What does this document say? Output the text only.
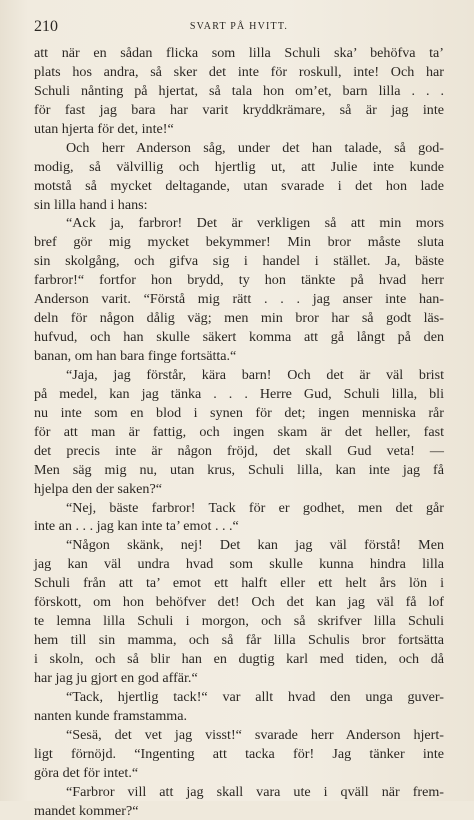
210	SVART PÅ HVITT.
att när en sådan flicka som lilla Schuli ska’ behöfva ta’
plats hos andra, så sker det inte för roskull, inte! Och har
Schuli nånting på hjertat, så tala hon om’et, barn lilla . . .
för fast jag bara har varit kryddkrämare, så är jag inte
utan hjerta för det, inte!“
Och herr Anderson såg, under det han talade, så god-
modig, så välvillig och hjertlig ut, att Julie inte kunde
motstå så mycket deltagande, utan svarade i det hon lade
sin lilla hand i hans:
“Ack ja, farbror! Det är verkligen så att min mors
bref gör mig mycket bekymmer! Min bror måste sluta
sin skolgång, och gifva sig i handel i stället. Ja, bäste
farbror!“ fortfor hon brydd, ty hon tänkte på hvad herr
Anderson varit. “Förstå mig rätt . . . jag anser inte han-
deln för någon dålig väg; men min bror har så godt läs-
hufvud, och han skulle säkert komma att gå långt på den
banan, om han bara finge fortsätta.“
“Jaja, jag förstår, kära barn! Och det är väl brist
på medel, kan jag tänka . . . Herre Gud, Schuli lilla, bli
nu inte som en blod i synen för det; ingen menniska rår
för att man är fattig, och ingen skam är det heller, fast
det precis inte är någon fröjd, det skall Gud veta! —
Men säg mig nu, utan krus, Schuli lilla, kan inte jag få
hjelpa den der saken?“
“Nej, bäste farbror! Tack för er godhet, men det går
inte an . . . jag kan inte ta’ emot . . .“
“Någon skänk, nej! Det kan jag väl förstå! Men
jag kan väl undra hvad som skulle kunna hindra lilla
Schuli från att ta’ emot ett halft eller ett helt års lön i
förskott, om hon behöfver det! Och det kan jag väl få lof
te lemna lilla Schuli i morgon, och så skrifver lilla Schuli
hem till sin mamma, och så får lilla Schulis bror fortsätta
i skoln, och så blir han en dugtig karl med tiden, och då
har jag ju gjort en god affär.“
“Tack, hjertlig tack!“ var allt hvad den unga guver-
nanten kunde framstamma.
“Sesä, det vet jag visst!“ svarade herr Anderson hjert-
ligt förnöjd. “Ingenting att tacka för! Jag tänker inte
göra det för intet.“
“Farbror vill att jag skall vara ute i qväll när frem-
mandet kommer?“
